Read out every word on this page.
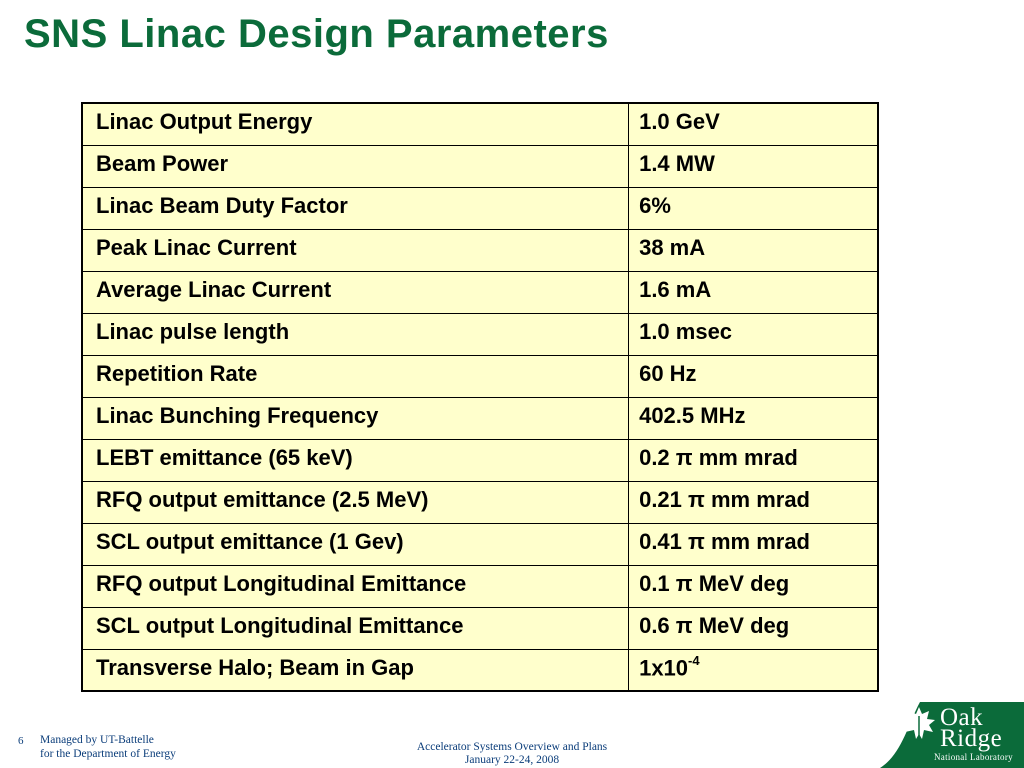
SNS Linac Design Parameters
Linac Output Energy	1.0 GeV
Beam Power	1.4 MW
Linac Beam Duty Factor	6%
Peak Linac Current	38 mA
Average Linac Current	1.6 mA
Linac pulse length	1.0 msec
Repetition Rate	60 Hz
Linac Bunching Frequency	402.5 MHz
LEBT emittance (65 keV)	0.2 π mm mrad
RFQ output emittance (2.5 MeV)	0.21 π mm mrad
SCL output emittance (1 Gev)	0.41 π mm mrad
RFQ output Longitudinal Emittance	0.1 π MeV deg
SCL output Longitudinal Emittance	0.6 π MeV deg
Transverse Halo; Beam in Gap	$1x10^{-4}$
6 Managed by UT-Battelle
for the Department of Energy
Accelerator Systems Overview and Plans
January 22-24, 2008
Oak
Ridge
National Laboratory
